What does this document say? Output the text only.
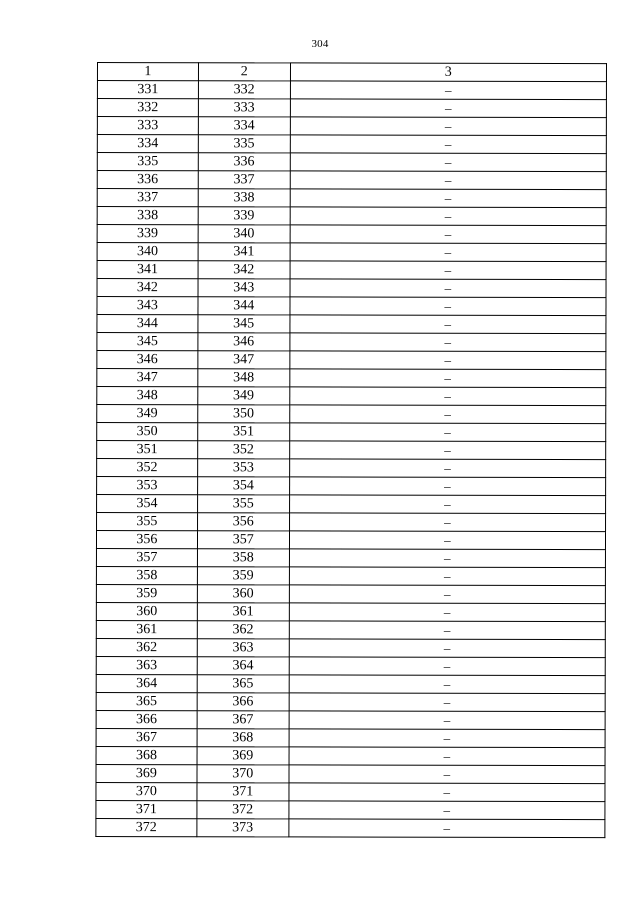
304
1	2	3
331	332	–
332	333	–
333	334	–
334	335	–
335	336	–
336	337	–
337	338	–
338	339	–
339	340	–
340	341	–
341	342	–
342	343	–
343	344	–
344	345	–
345	346	–
346	347	–
347	348	–
348	349	–
349	350	–
350	351	–
351	352	–
352	353	–
353	354	–
354	355	–
355	356	–
356	357	–
357	358	–
358	359	–
359	360	–
360	361	–
361	362	–
362	363	–
363	364	–
364	365	–
365	366	–
366	367	–
367	368	–
368	369	–
369	370	–
370	371	–
371	372	–
372	373	–
